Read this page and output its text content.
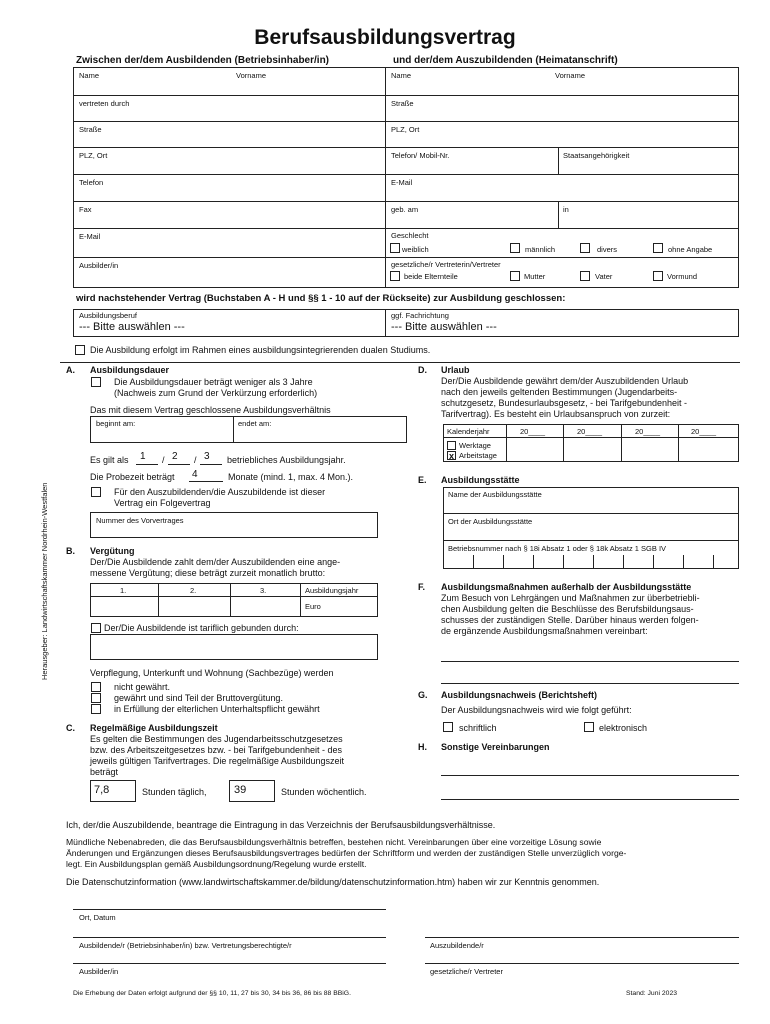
Berufsausbildungsvertrag
Zwischen der/dem Ausbildenden (Betriebsinhaber/in)	und der/dem Auszubildenden (Heimatanschrift)
Herausgeber: Landwirtschaftskammer Nordrhein-Westfalen
Name	Vorname
vertreten durch
Straße
PLZ, Ort
Telefon
Fax
E-Mail
Ausbilder/in
Name	Vorname
Straße
PLZ, Ort
Telefon/ Mobil-Nr.	Staatsangehörigkeit
E-Mail
geb. am	in
Geschlecht
weiblich	männlich	divers	ohne Angabe
gesetzliche/r Vertreterin/Vertreter
beide Elternteile	Mutter	Vater	Vormund
wird nachstehender Vertrag (Buchstaben A - H und §§ 1 - 10 auf der Rückseite) zur Ausbildung geschlossen:
Ausbildungsberuf
--- Bitte auswählen ---
ggf. Fachrichtung
--- Bitte auswählen ---
Die Ausbildung erfolgt im Rahmen eines ausbildungsintegrierenden dualen Studiums.
A. Ausbildungsdauer
Die Ausbildungsdauer beträgt weniger als 3 Jahre
(Nachweis zum Grund der Verkürzung erforderlich)
Das mit diesem Vertrag geschlossene Ausbildungsverhältnis
beginnt am:	endet am:
Es gilt als 1 / 2 / 3 betriebliches Ausbildungsjahr.
Die Probezeit beträgt 4	Monate (mind. 1, max. 4 Mon.).
Für den Auszubildenden/die Auszubildende ist dieser
Vertrag ein Folgevertrag
Nummer des Vorvertrages
B. Vergütung
Der/Die Ausbildende zahlt dem/der Auszubildenden eine ange-
messene Vergütung; diese beträgt zurzeit monatlich brutto:
1.	2.	3.	Ausbildungsjahr
Euro
Der/Die Ausbildende ist tariflich gebunden durch:
Verpflegung, Unterkunft und Wohnung (Sachbezüge) werden
nicht gewährt.
gewährt und sind Teil der Bruttovergütung.
in Erfüllung der elterlichen Unterhaltspflicht gewährt
C. Regelmäßige Ausbildungszeit
Es gelten die Bestimmungen des Jugendarbeitsschutzgesetzes
bzw. des Arbeitszeitgesetzes bzw. - bei Tarifgebundenheit - des
jeweils gültigen Tarifvertrages. Die regelmäßige Ausbildungszeit
beträgt
7,8	Stunden täglich, 39	Stunden wöchentlich.
D. Urlaub
Der/Die Ausbildende gewährt dem/der Auszubildenden Urlaub
nach den jeweils geltenden Bestimmungen (Jugendarbeits-
schutzgesetz, Bundesurlaubsgesetz, - bei Tarifgebundenheit -
Tarifvertrag). Es besteht ein Urlaubsanspruch von zurzeit:
Kalenderjahr	20____	20____	20____	20____
Werktage
x Arbeitstage
E. Ausbildungsstätte
Name der Ausbildungsstätte
Ort der Ausbildungsstätte
Betriebsnummer nach § 18i Absatz 1 oder § 18k Absatz 1 SGB IV
F. Ausbildungsmaßnahmen außerhalb der Ausbildungsstätte
Zum Besuch von Lehrgängen und Maßnahmen zur überbetriebli-
chen Ausbildung gelten die Beschlüsse des Berufsbildungsaus-
schusses der zuständigen Stelle. Darüber hinaus werden folgen-
de ergänzende Ausbildungsmaßnahmen vereinbart:
G. Ausbildungsnachweis (Berichtsheft)
Der Ausbildungsnachweis wird wie folgt geführt:
schriftlich	elektronisch
H. Sonstige Vereinbarungen
Ich, der/die Auszubildende, beantrage die Eintragung in das Verzeichnis der Berufsausbildungsverhältnisse.
Mündliche Nebenabreden, die das Berufsausbildungsverhältnis betreffen, bestehen nicht. Vereinbarungen über eine vorzeitige Lösung sowie
Änderungen und Ergänzungen dieses Berufsausbildungsvertrages bedürfen der Schriftform und werden der zuständigen Stelle unverzüglich vorge-
legt. Ein Ausbildungsplan gemäß Ausbildungsordnung/Regelung wurde erstellt.
Die Datenschutzinformation (www.landwirtschaftskammer.de/bildung/datenschutzinformation.htm) haben wir zur Kenntnis genommen.
Ort, Datum
Ausbildende/r (Betriebsinhaber/in) bzw. Vertretungsberechtigte/r	Auszubildende/r
Ausbilder/in	gesetzliche/r Vertreter
Die Erhebung der Daten erfolgt aufgrund der §§ 10, 11, 27 bis 30, 34 bis 36, 86 bis 88 BBiG.	Stand: Juni 2023
